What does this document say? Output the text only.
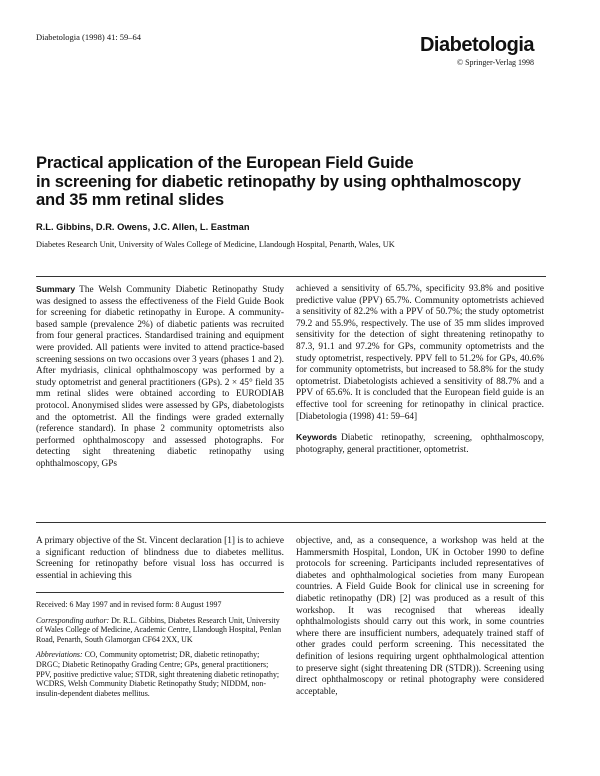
Diabetologia (1998) 41: 59–64	Diabetologia
© Springer-Verlag 1998
Practical application of the European Field Guide
in screening for diabetic retinopathy by using ophthalmoscopy
and 35 mm retinal slides
R.L. Gibbins, D.R. Owens, J.C. Allen, L. Eastman
Diabetes Research Unit, University of Wales College of Medicine, Llandough Hospital, Penarth, Wales, UK

Summary The Welsh Community Diabetic Retinopathy Study was designed to assess the effectiveness of the Field Guide Book for screening for diabetic retinopathy in Europe. A community-based sample (prevalence 2%) of diabetic patients was recruited from four general practices. Standardised training and equipment were provided. All patients were invited to attend practice-based screening sessions on two occasions over 3 years (phases 1 and 2). After mydriasis, clinical ophthalmoscopy was performed by a study optometrist and general practitioners (GPs). 2 × 45° field 35 mm retinal slides were obtained according to EURODIAB protocol. Anonymised slides were assessed by GPs, diabetologists and the optometrist. All the findings were graded externally (reference standard). In phase 2 community optometrists also performed ophthalmoscopy and assessed photographs. For detecting sight threatening diabetic retinopathy using ophthalmoscopy, GPs

achieved a sensitivity of 65.7%, specificity 93.8% and positive predictive value (PPV) 65.7%. Community optometrists achieved a sensitivity of 82.2% with a PPV of 50.7%; the study optometrist 79.2 and 55.9%, respectively. The use of 35 mm slides improved sensitivity for the detection of sight threatening retinopathy to 87.3, 91.1 and 97.2% for GPs, community optometrists and the study optometrist, respectively. PPV fell to 51.2% for GPs, 40.6% for community optometrists, but increased to 58.8% for the study optometrist. Diabetologists achieved a sensitivity of 88.7% and a PPV of 65.6%. It is concluded that the European field guide is an effective tool for screening for retinopathy in clinical practice. [Diabetologia (1998) 41: 59–64]

Keywords Diabetic retinopathy, screening, ophthalmoscopy, photography, general practitioner, optometrist.

A primary objective of the St. Vincent declaration [1] is to achieve a significant reduction of blindness due to diabetes mellitus. Screening for retinopathy before visual loss has occurred is essential in achieving this

Received: 6 May 1997 and in revised form: 8 August 1997

Corresponding author: Dr. R.L. Gibbins, Diabetes Research Unit, University of Wales College of Medicine, Academic Centre, Llandough Hospital, Penlan Road, Penarth, South Glamorgan CF64 2XX, UK

Abbreviations: CO, Community optometrist; DR, diabetic retinopathy; DRGC; Diabetic Retinopathy Grading Centre; GPs, general practitioners; PPV, positive predictive value; STDR, sight threatening diabetic retinopathy; WCDRS, Welsh Community Diabetic Retinopathy Study; NIDDM, non-insulin-dependent diabetes mellitus.

objective, and, as a consequence, a workshop was held at the Hammersmith Hospital, London, UK in October 1990 to define protocols for screening. Participants included representatives of diabetes and ophthalmological societies from many European countries. A Field Guide Book for clinical use in screening for diabetic retinopathy (DR) [2] was produced as a result of this workshop. It was recognised that whereas ideally ophthalmologists should carry out this work, in some countries where there are insufficient numbers, adequately trained staff of other grades could perform screening. This necessitated the definition of lesions requiring urgent ophthalmological attention to preserve sight (sight threatening DR (STDR)). Screening using direct ophthalmoscopy or retinal photography were considered acceptable,
